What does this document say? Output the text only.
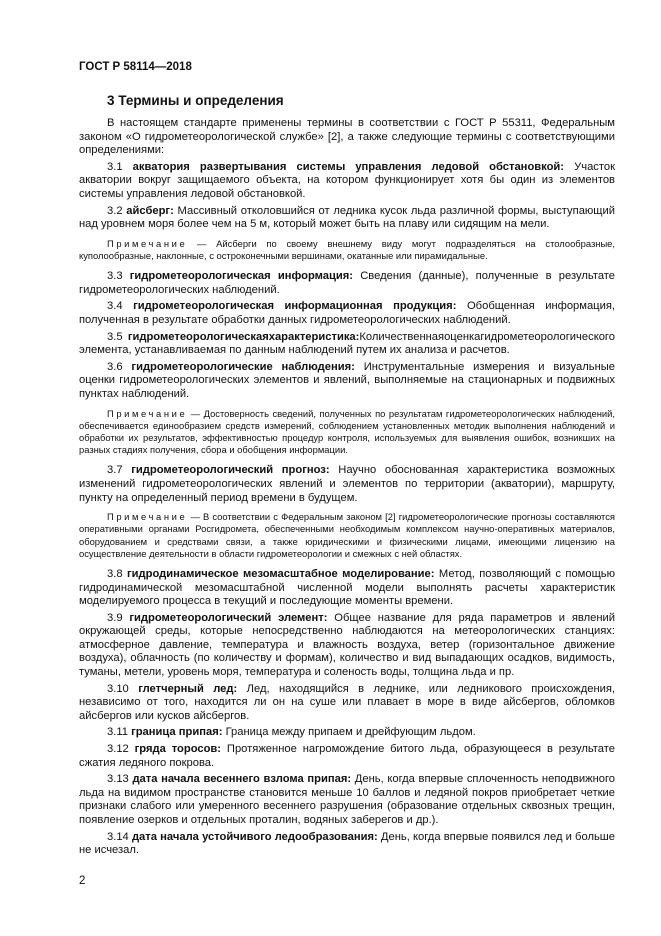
ГОСТ Р 58114—2018
3 Термины и определения

В настоящем стандарте применены термины в соответствии с ГОСТ Р 55311, Федеральным законом «О гидрометеорологической службе» [2], а также следующие термины с соответствующими определениями:

3.1 акватория развертывания системы управления ледовой обстановкой: Участок акватории вокруг защищаемого объекта, на котором функционирует хотя бы один из элементов системы управления ледовой обстановкой.

3.2 айсберг: Массивный отколовшийся от ледника кусок льда различной формы, выступающий над уровнем моря более чем на 5 м, который может быть на плаву или сидящим на мели.

Примечание — Айсберги по своему внешнему виду могут подразделяться на столообразные, куполообразные, наклонные, с остроконечными вершинами, окатанные или пирамидальные.

3.3 гидрометеорологическая информация: Сведения (данные), полученные в результате гидрометеорологических наблюдений.

3.4 гидрометеорологическая информационная продукция: Обобщенная информация, полученная в результате обработки данных гидрометеорологических наблюдений.

3.5 гидрометеорологическаяхарактеристика:Количественнаяоценкагидрометеорологического элемента, устанавливаемая по данным наблюдений путем их анализа и расчетов.

3.6 гидрометеорологические наблюдения: Инструментальные измерения и визуальные оценки гидрометеорологических элементов и явлений, выполняемые на стационарных и подвижных пунктах наблюдений.

Примечание — Достоверность сведений, полученных по результатам гидрометеорологических наблюдений, обеспечивается единообразием средств измерений, соблюдением установленных методик выполнения наблюдений и обработки их результатов, эффективностью процедур контроля, используемых для выявления ошибок, возникших на разных стадиях получения, сбора и обобщения информации.

3.7 гидрометеорологический прогноз: Научно обоснованная характеристика возможных изменений гидрометеорологических явлений и элементов по территории (акватории), маршруту, пункту на определенный период времени в будущем.

Примечание — В соответствии с Федеральным законом [2] гидрометеорологические прогнозы составляются оперативными органами Росгидромета, обеспеченными необходимым комплексом научно-оперативных материалов, оборудованием и средствами связи, а также юридическими и физическими лицами, имеющими лицензию на осуществление деятельности в области гидрометеорологии и смежных с ней областях.

3.8 гидродинамическое мезомасштабное моделирование: Метод, позволяющий с помощью гидродинамической мезомасштабной численной модели выполнять расчеты характеристик моделируемого процесса в текущий и последующие моменты времени.

3.9 гидрометеорологический элемент: Общее название для ряда параметров и явлений окружающей среды, которые непосредственно наблюдаются на метеорологических станциях: атмосферное давление, температура и влажность воздуха, ветер (горизонтальное движение воздуха), облачность (по количеству и формам), количество и вид выпадающих осадков, видимость, туманы, метели, уровень моря, температура и соленость воды, толщина льда и пр.

3.10 глетчерный лед: Лед, находящийся в леднике, или ледникового происхождения, независимо от того, находится ли он на суше или плавает в море в виде айсбергов, обломков айсбергов или кусков айсбергов.

3.11 граница припая: Граница между припаем и дрейфующим льдом.

3.12 гряда торосов: Протяженное нагромождение битого льда, образующееся в результате сжатия ледяного покрова.

3.13 дата начала весеннего взлома припая: День, когда впервые сплоченность неподвижного льда на видимом пространстве становится меньше 10 баллов и ледяной покров приобретает четкие признаки слабого или умеренного весеннего разрушения (образование отдельных сквозных трещин, появление озерков и отдельных проталин, водяных заберегов и др.).

3.14 дата начала устойчивого ледообразования: День, когда впервые появился лед и больше не исчезал.

2
